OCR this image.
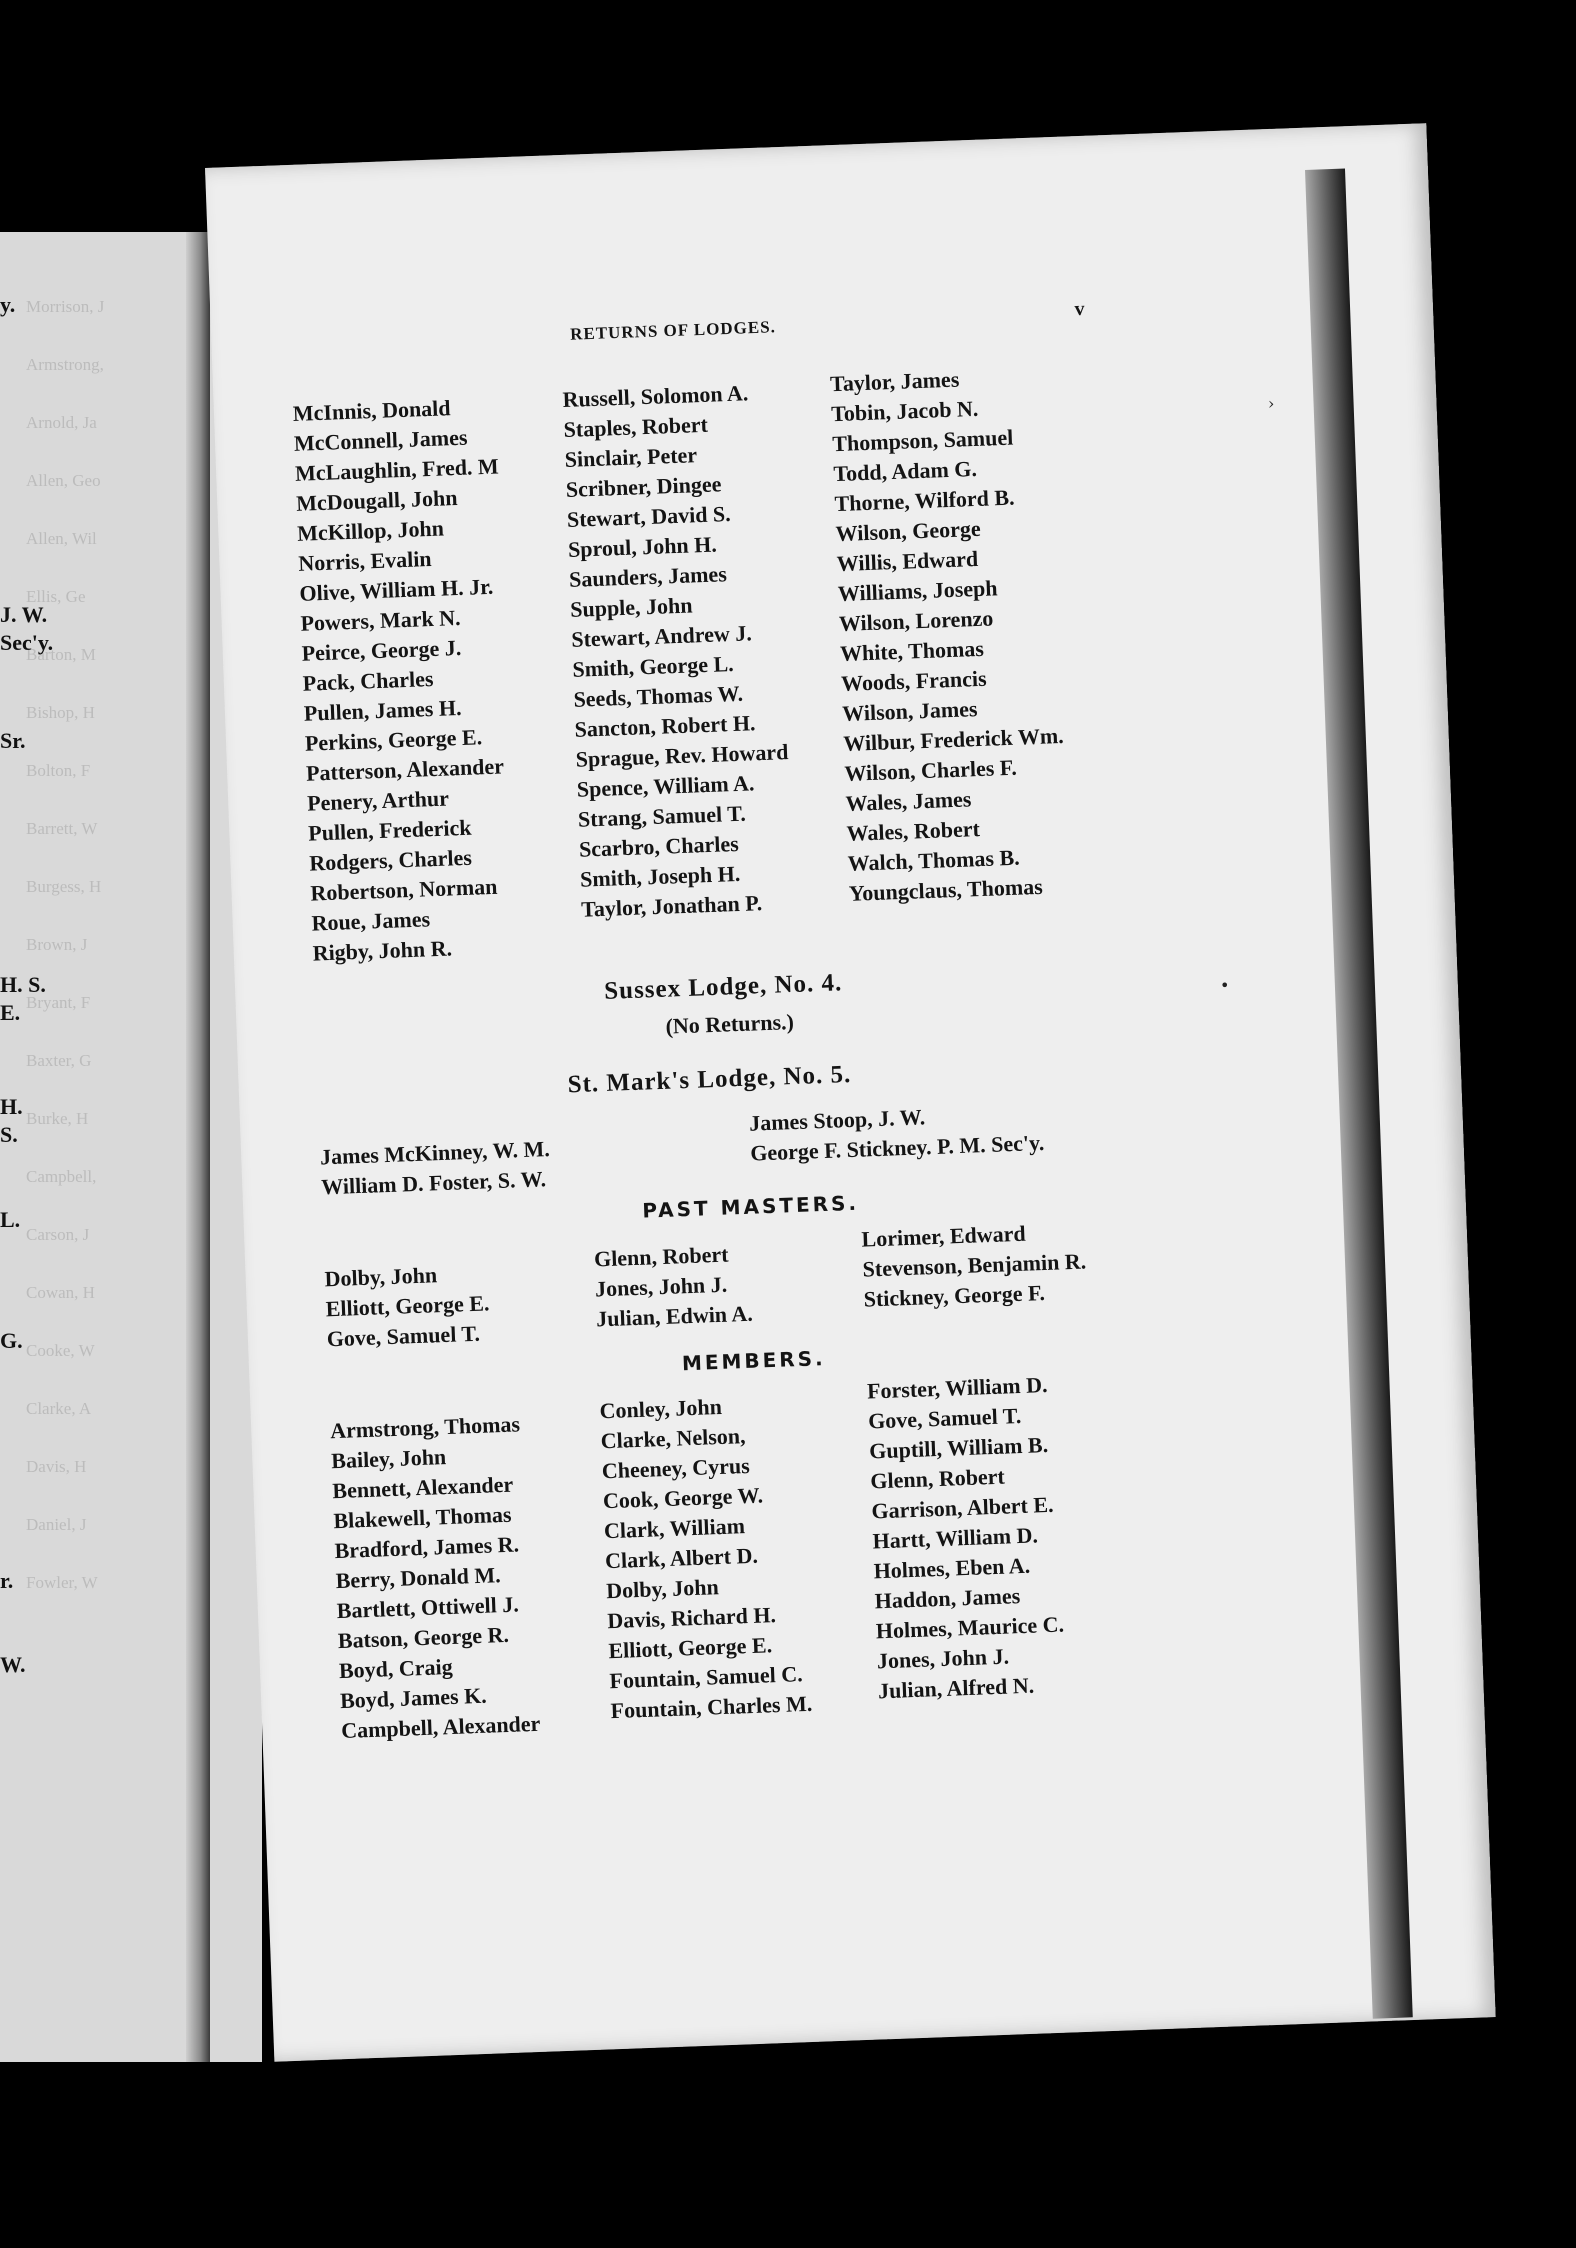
Morrison, J
Armstrong,
Arnold, Ja
Allen, Geo
Allen, Wil
Ellis, Ge
Barton, M
Bishop, H
Bolton, F
Barrett, W
Burgess, H
Brown, J
Bryant, F
Baxter, G
Burke, H
Campbell,
Carson, J
Cowan, H
Cooke, W
Clarke, A
Davis, H
Daniel, J
Fowler, W
y.
J. W.
Sec'y.
Sr.
H. S.
E.
H.
S.
L.
G.
r.
W.
RETURNS OF LODGES.
v
McInnis, Donald
McConnell, James
McLaughlin, Fred. M
McDougall, John
McKillop, John
Norris, Evalin
Olive, William H. Jr.
Powers, Mark N.
Peirce, George J.
Pack, Charles
Pullen, James H.
Perkins, George E.
Patterson, Alexander
Penery, Arthur
Pullen, Frederick
Rodgers, Charles
Robertson, Norman
Roue, James
Rigby, John R.
Russell, Solomon A.
Staples, Robert
Sinclair, Peter
Scribner, Dingee
Stewart, David S.
Sproul, John H.
Saunders, James
Supple, John
Stewart, Andrew J.
Smith, George L.
Seeds, Thomas W.
Sancton, Robert H.
Sprague, Rev. Howard
Spence, William A.
Strang, Samuel T.
Scarbro, Charles
Smith, Joseph H.
Taylor, Jonathan P.
Taylor, James
Tobin, Jacob N.
Thompson, Samuel
Todd, Adam G.
Thorne, Wilford B.
Wilson, George
Willis, Edward
Williams, Joseph
Wilson, Lorenzo
White, Thomas
Woods, Francis
Wilson, James
Wilbur, Frederick Wm.
Wilson, Charles F.
Wales, James
Wales, Robert
Walch, Thomas B.
Youngclaus, Thomas
Sussex Lodge, No. 4.
(No Returns.)
St. Mark's Lodge, No. 5.
James McKinney, W. M.
William D. Foster, S. W.
James Stoop, J. W.
George F. Stickney. P. M. Sec'y.
PAST MASTERS.
Dolby, John
Elliott, George E.
Gove, Samuel T.
Glenn, Robert
Jones, John J.
Julian, Edwin A.
Lorimer, Edward
Stevenson, Benjamin R.
Stickney, George F.
MEMBERS.
Armstrong, Thomas
Bailey, John
Bennett, Alexander
Blakewell, Thomas
Bradford, James R.
Berry, Donald M.
Bartlett, Ottiwell J.
Batson, George R.
Boyd, Craig
Boyd, James K.
Campbell, Alexander
Conley, John
Clarke, Nelson,
Cheeney, Cyrus
Cook, George W.
Clark, William
Clark, Albert D.
Dolby, John
Davis, Richard H.
Elliott, George E.
Fountain, Samuel C.
Fountain, Charles M.
Forster, William D.
Gove, Samuel T.
Guptill, William B.
Glenn, Robert
Garrison, Albert E.
Hartt, William D.
Holmes, Eben A.
Haddon, James
Holmes, Maurice C.
Jones, John J.
Julian, Alfred N.
›
•
